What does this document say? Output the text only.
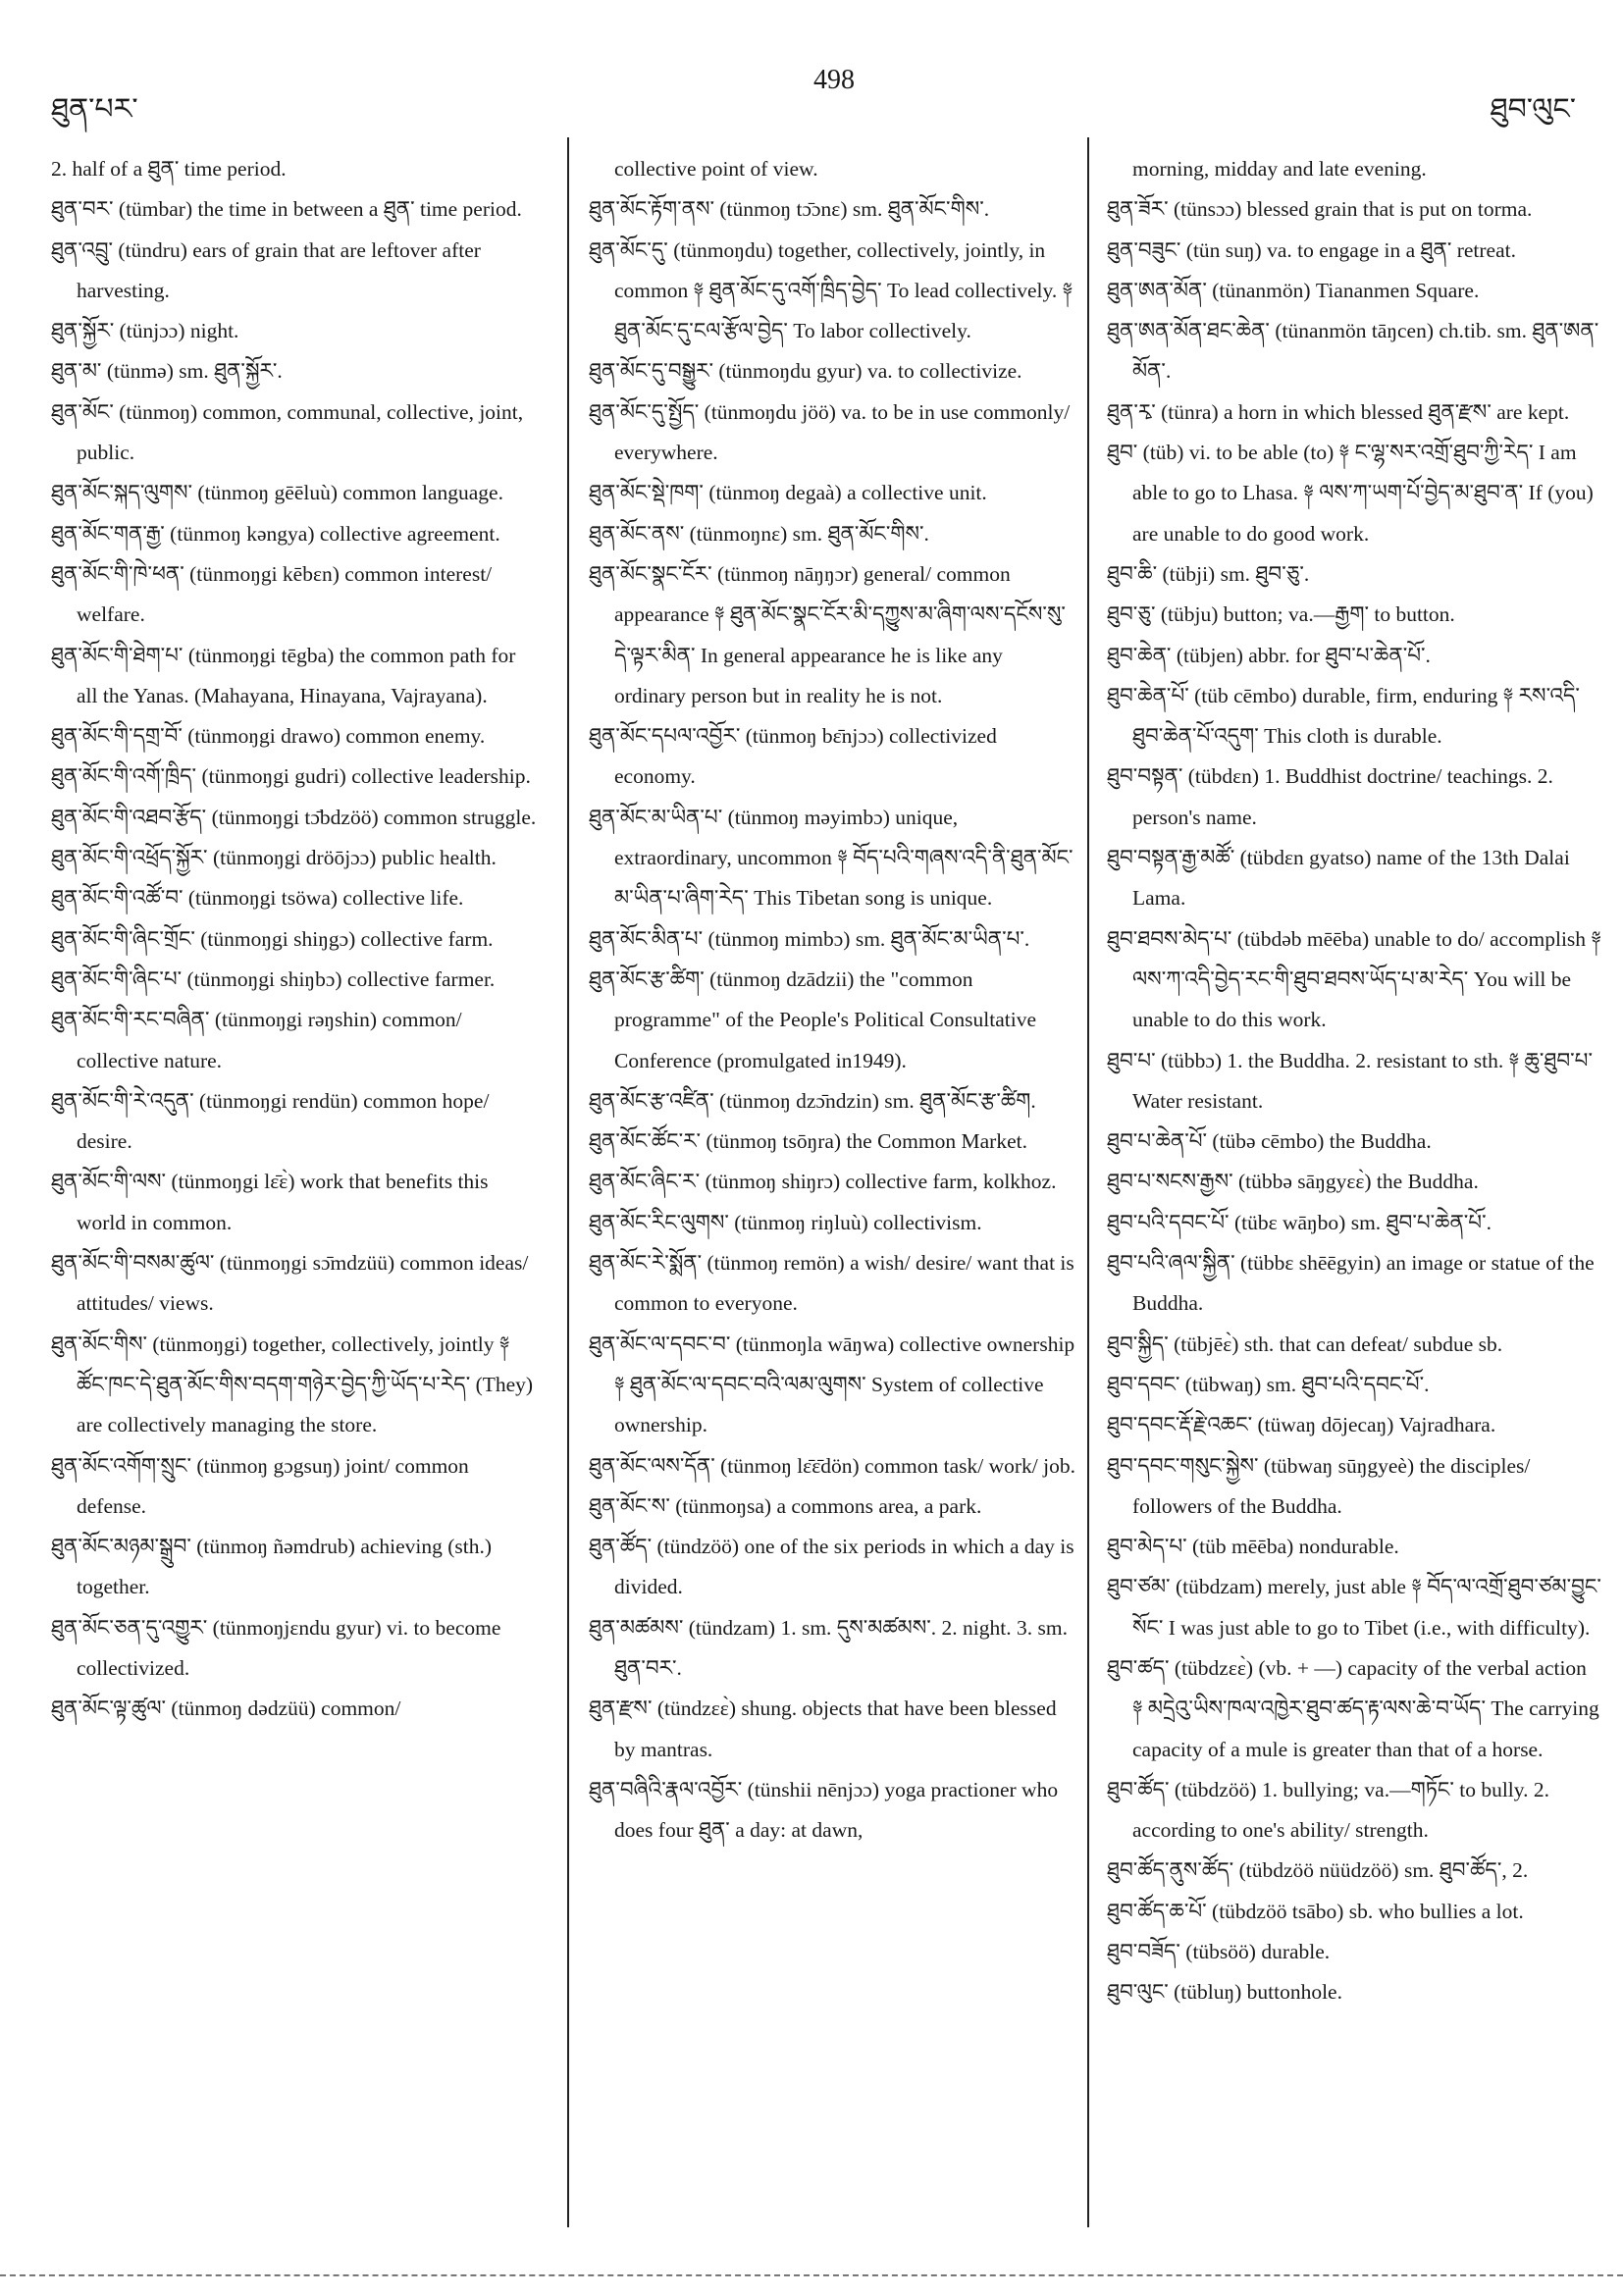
ཐུན་པར་
498
ཐུབ་ལུང་

2. half of a ཐུན་ time period.

ཐུན་བར་ (tümbar) the time in between a ཐུན་ time period.

ཐུན་འབྲུ་ (tündru) ears of grain that are leftover after harvesting.

ཐུན་སྐྱོར་ (tünjɔɔ) night.

ཐུན་མ་ (tünmə) sm. ཐུན་སྐྱོར་.

ཐུན་མོང་ (tünmoŋ) common, communal, collective, joint, public.

ཐུན་མོང་སྐད་ལུགས་ (tünmoŋ gēēluù) common language.

ཐུན་མོང་གན་རྒྱ་ (tünmoŋ kəngya) collective agreement.

ཐུན་མོང་གི་ཁེ་ཕན་ (tünmoŋgi kēbɛn) common interest/ welfare.

ཐུན་མོང་གི་ཐེག་པ་ (tünmoŋgi tēgba) the common path for all the Yanas. (Mahayana, Hinayana, Vajrayana).

ཐུན་མོང་གི་དགྲ་བོ་ (tünmoŋgi drawo) common enemy.

ཐུན་མོང་གི་འགོ་ཁྲིད་ (tünmoŋgi gudri) collective leadership.

ཐུན་མོང་གི་འཐབ་རྩོད་ (tünmoŋgi tɔ̄bdzöö) common struggle.

ཐུན་མོང་གི་འཕྲོད་སྐྱོར་ (tünmoŋgi dröōjɔɔ) public health.

ཐུན་མོང་གི་འཚོ་བ་ (tünmoŋgi tsöwa) collective life.

ཐུན་མོང་གི་ཞིང་གྲོང་ (tünmoŋgi shiŋgɔ) collective farm.

ཐུན་མོང་གི་ཞིང་པ་ (tünmoŋgi shiŋbɔ) collective farmer.

ཐུན་མོང་གི་རང་བཞིན་ (tünmoŋgi rəŋshin) common/ collective nature.

ཐུན་མོང་གི་རེ་འདུན་ (tünmoŋgi rendün) common hope/ desire.

ཐུན་མོང་གི་ལས་ (tünmoŋgi lɛ̄ɛ̀) work that benefits this world in common.

ཐུན་མོང་གི་བསམ་ཚུལ་ (tünmoŋgi sɔ̄mdzüü) common ideas/ attitudes/ views.

ཐུན་མོང་གིས་ (tünmoŋgi) together, collectively, jointly ༈ ཚོང་ཁང་དེ་ཐུན་མོང་གིས་བདག་གཉེར་བྱེད་ཀྱི་ཡོད་པ་རེད་ (They) are collectively managing the store.

ཐུན་མོང་འགོག་སྲུང་ (tünmoŋ gɔgsuŋ) joint/ common defense.

ཐུན་མོང་མཉམ་སྒྲུབ་ (tünmoŋ ñəmdrub) achieving (sth.) together.

ཐུན་མོང་ཅན་དུ་འགྱུར་ (tünmoŋjɛndu gyur) vi. to become collectivized.

ཐུན་མོང་ལྟ་ཚུལ་ (tünmoŋ dədzüü) common/

collective point of view.

ཐུན་མོང་རྟོག་ནས་ (tünmoŋ tɔ̄ɔnɛ) sm. ཐུན་མོང་གིས་.

ཐུན་མོང་དུ་ (tünmoŋdu) together, collectively, jointly, in common ༈ ཐུན་མོང་དུ་འགོ་ཁྲིད་བྱེད་ To lead collectively. ༈ ཐུན་མོང་དུ་ངལ་རྩོལ་བྱེད་ To labor collectively.

ཐུན་མོང་དུ་བསྒྱུར་ (tünmoŋdu gyur) va. to collectivize.

ཐུན་མོང་དུ་སྤྱོད་ (tünmoŋdu jöö) va. to be in use commonly/ everywhere.

ཐུན་མོང་སྡེ་ཁག་ (tünmoŋ degaà) a collective unit.

ཐུན་མོང་ནས་ (tünmoŋnɛ) sm. ཐུན་མོང་གིས་.

ཐུན་མོང་སྣང་ངོར་ (tünmoŋ nāŋŋɔr) general/ common appearance ༈ ཐུན་མོང་སྣང་ངོར་མི་དཀྱུས་མ་ཞིག་ལས་དངོས་སུ་དེ་ལྟར་མིན་ In general appearance he is like any ordinary person but in reality he is not.

ཐུན་མོང་དཔལ་འབྱོར་ (tünmoŋ bɛ̄njɔɔ) collectivized economy.

ཐུན་མོང་མ་ཡིན་པ་ (tünmoŋ məyimbɔ) unique, extraordinary, uncommon ༈ བོད་པའི་གཞས་འདི་ནི་ཐུན་མོང་མ་ཡིན་པ་ཞིག་རེད་ This Tibetan song is unique.

ཐུན་མོང་མིན་པ་ (tünmoŋ mimbɔ) sm. ཐུན་མོང་མ་ཡིན་པ་.

ཐུན་མོང་རྩ་ཚིག་ (tünmoŋ dzādzii) the "common programme" of the People's Political Consultative Conference (promulgated in1949).

ཐུན་མོང་རྩ་འཛིན་ (tünmoŋ dzɔ̄ndzin) sm. ཐུན་མོང་རྩ་ཚིག.

ཐུན་མོང་ཚོང་ར་ (tünmoŋ tsōŋra) the Common Market.

ཐུན་མོང་ཞིང་ར་ (tünmoŋ shiŋrɔ) collective farm, kolkhoz.

ཐུན་མོང་རིང་ལུགས་ (tünmoŋ riŋluù) collectivism.

ཐུན་མོང་རེ་སྨོན་ (tünmoŋ remön) a wish/ desire/ want that is common to everyone.

ཐུན་མོང་ལ་དབང་བ་ (tünmoŋla wāŋwa) collective ownership ༈ ཐུན་མོང་ལ་དབང་བའི་ལམ་ལུགས་ System of collective ownership.

ཐུན་མོང་ལས་དོན་ (tünmoŋ lɛ̄ɛ̄dön) common task/ work/ job.

ཐུན་མོང་ས་ (tünmoŋsa) a commons area, a park.

ཐུན་ཚོད་ (tündzöö) one of the six periods in which a day is divided.

ཐུན་མཚམས་ (tündzam) 1. sm. དུས་མཚམས་. 2. night. 3. sm. ཐུན་བར་.

ཐུན་རྫས་ (tündzɛɛ̀) shung. objects that have been blessed by mantras.

ཐུན་བཞིའི་རྣལ་འབྱོར་ (tünshii nēnjɔɔ) yoga practioner who does four ཐུན་ a day: at dawn,

morning, midday and late evening.

ཐུན་ཟོར་ (tünsɔɔ) blessed grain that is put on torma.

ཐུན་བཟུང་ (tün suŋ) va. to engage in a ཐུན་ retreat.

ཐུན་ཨན་མོན་ (tünanmön) Tiananmen Square.

ཐུན་ཨན་མོན་ཐང་ཆེན་ (tünanmön tāŋcen) ch.tib. sm. ཐུན་ཨན་མོན་.

ཐུན་རྭ་ (tünra) a horn in which blessed ཐུན་རྫས་ are kept.

ཐུབ་ (tüb) vi. to be able (to) ༈ ང་ལྷ་སར་འགྲོ་ཐུབ་ཀྱི་རེད་ I am able to go to Lhasa. ༈ ལས་ཀ་ཡག་པོ་བྱེད་མ་ཐུབ་ན་ If (you) are unable to do good work.

ཐུབ་ཆི་ (tübji) sm. ཐུབ་ཅུ་.

ཐུབ་ཅུ་ (tübju) button; va.—རྒྱག་ to button.

ཐུབ་ཆེན་ (tübjen) abbr. for ཐུབ་པ་ཆེན་པོ་.

ཐུབ་ཆེན་པོ་ (tüb cēmbo) durable, firm, enduring ༈ རས་འདི་ཐུབ་ཆེན་པོ་འདུག་ This cloth is durable.

ཐུབ་བསྟན་ (tübdɛn) 1. Buddhist doctrine/ teachings. 2. person's name.

ཐུབ་བསྟན་རྒྱ་མཚོ་ (tübdɛn gyatso) name of the 13th Dalai Lama.

ཐུབ་ཐབས་མེད་པ་ (tübdəb mēēba) unable to do/ accomplish ༈ ལས་ཀ་འདི་བྱེད་རང་གི་ཐུབ་ཐབས་ཡོད་པ་མ་རེད་ You will be unable to do this work.

ཐུབ་པ་ (tübbɔ) 1. the Buddha. 2. resistant to sth. ༈ ཆུ་ཐུབ་པ་ Water resistant.

ཐུབ་པ་ཆེན་པོ་ (tübə cēmbo) the Buddha.

ཐུབ་པ་སངས་རྒྱས་ (tübbə sāŋgyɛɛ̀) the Buddha.

ཐུབ་པའི་དབང་པོ་ (tübɛ wāŋbo) sm. ཐུབ་པ་ཆེན་པོ་.

ཐུབ་པའི་ཞལ་སྐྱིན་ (tübbɛ shēēgyin) an image or statue of the Buddha.

ཐུབ་སྐྱིད་ (tübjēɛ̀) sth. that can defeat/ subdue sb.

ཐུབ་དབང་ (tübwaŋ) sm. ཐུབ་པའི་དབང་པོ་.

ཐུབ་དབང་རྡོ་རྗེ་འཆང་ (tüwaŋ dōjecaŋ) Vajradhara.

ཐུབ་དབང་གསུང་སྐྱེས་ (tübwaŋ sūŋgyeè) the disciples/ followers of the Buddha.

ཐུབ་མེད་པ་ (tüb mēēba) nondurable.

ཐུབ་ཙམ་ (tübdzam) merely, just able ༈ བོད་ལ་འགྲོ་ཐུབ་ཙམ་བྱུང་སོང་ I was just able to go to Tibet (i.e., with difficulty).

ཐུབ་ཚད་ (tübdzɛɛ̀) (vb. + —) capacity of the verbal action ༈ མདྲེའུ་ཡིས་ཁལ་འཁྱེར་ཐུབ་ཚད་རྟ་ལས་ཆེ་བ་ཡོད་ The carrying capacity of a mule is greater than that of a horse.

ཐུབ་ཚོད་ (tübdzöö) 1. bullying; va.—གཏོང་ to bully. 2. according to one's ability/ strength.

ཐུབ་ཚོད་ནུས་ཚོད་ (tübdzöö nüüdzöö) sm. ཐུབ་ཚོད་, 2.

ཐུབ་ཚོད་ཆ་པོ་ (tübdzöö tsābo) sb. who bullies a lot.

ཐུབ་བཟོད་ (tübsöö) durable.

ཐུབ་ལུང་ (tübluŋ) buttonhole.
